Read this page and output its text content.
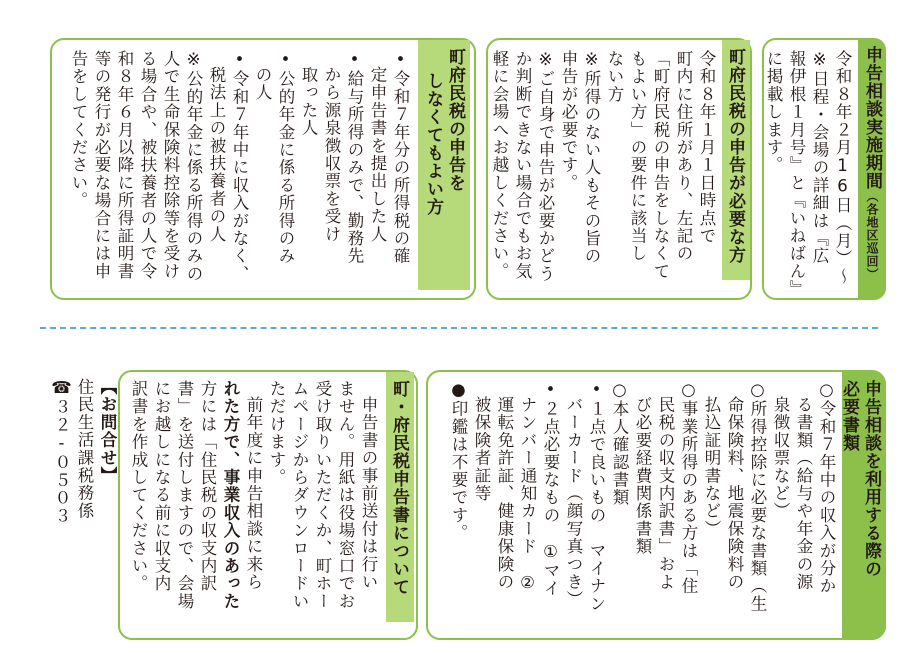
申告相談実施期間（各地区巡回）
令和８年２月16日（月）～
※日程・会場の詳細は『広
報伊根１月号』と『いねばん』
に掲載します。
町府民税の申告が必要な方
令和８年１月１日時点で
町内に住所があり、左記の
「町府民税の申告をしなくて
もよい方」の要件に該当し
ない方
※所得のない人もその旨の
申告が必要です。
※ご自身で申告が必要かどう
か判断できない場合でもお気
軽に会場へお越しください。
町府民税の申告を
しなくてもよい方
•令和７年分の所得税の確
定申告書を提出した人
•給与所得のみで、勤務先
から源泉徴収票を受け
取った人
•公的年金に係る所得のみ
の人
•令和７年中に収入がなく、
税法上の被扶養者の人
※公的年金に係る所得のみの
人で生命保険料控除等を受け
る場合や、被扶養者の人で令
和８年６月以降に所得証明書
等の発行が必要な場合には申
告をしてください。
申告相談を利用する際の
必要書類
○令和７年中の収入が分か
る書類（給与や年金の源
泉徴収票など）
○所得控除に必要な書類（生
命保険料、地震保険料の
払込証明書など）
○事業所得のある方は「住
民税の収支内訳書」およ
び必要経費関係書類
○本人確認書類
•１点で良いもの　マイナン
バーカード（顔写真つき）
•２点必要なもの　①マイ
ナンバー通知カード　②
運転免許証、健康保険の
被保険者証等
●印鑑は不要です。
町・府民税申告書について
申告書の事前送付は行い
ません。用紙は役場窓口でお
受け取りいただくか、町ホー
ムページからダウンロードい
ただけます。
前年度に申告相談に来ら
れた方で、事業収入のあった
方には「住民税の収支内訳
書」を送付しますので、会場
にお越しになる前に収支内
訳書を作成してください。
【お問合せ】
住民生活課税務係
☎３２-０５０３
